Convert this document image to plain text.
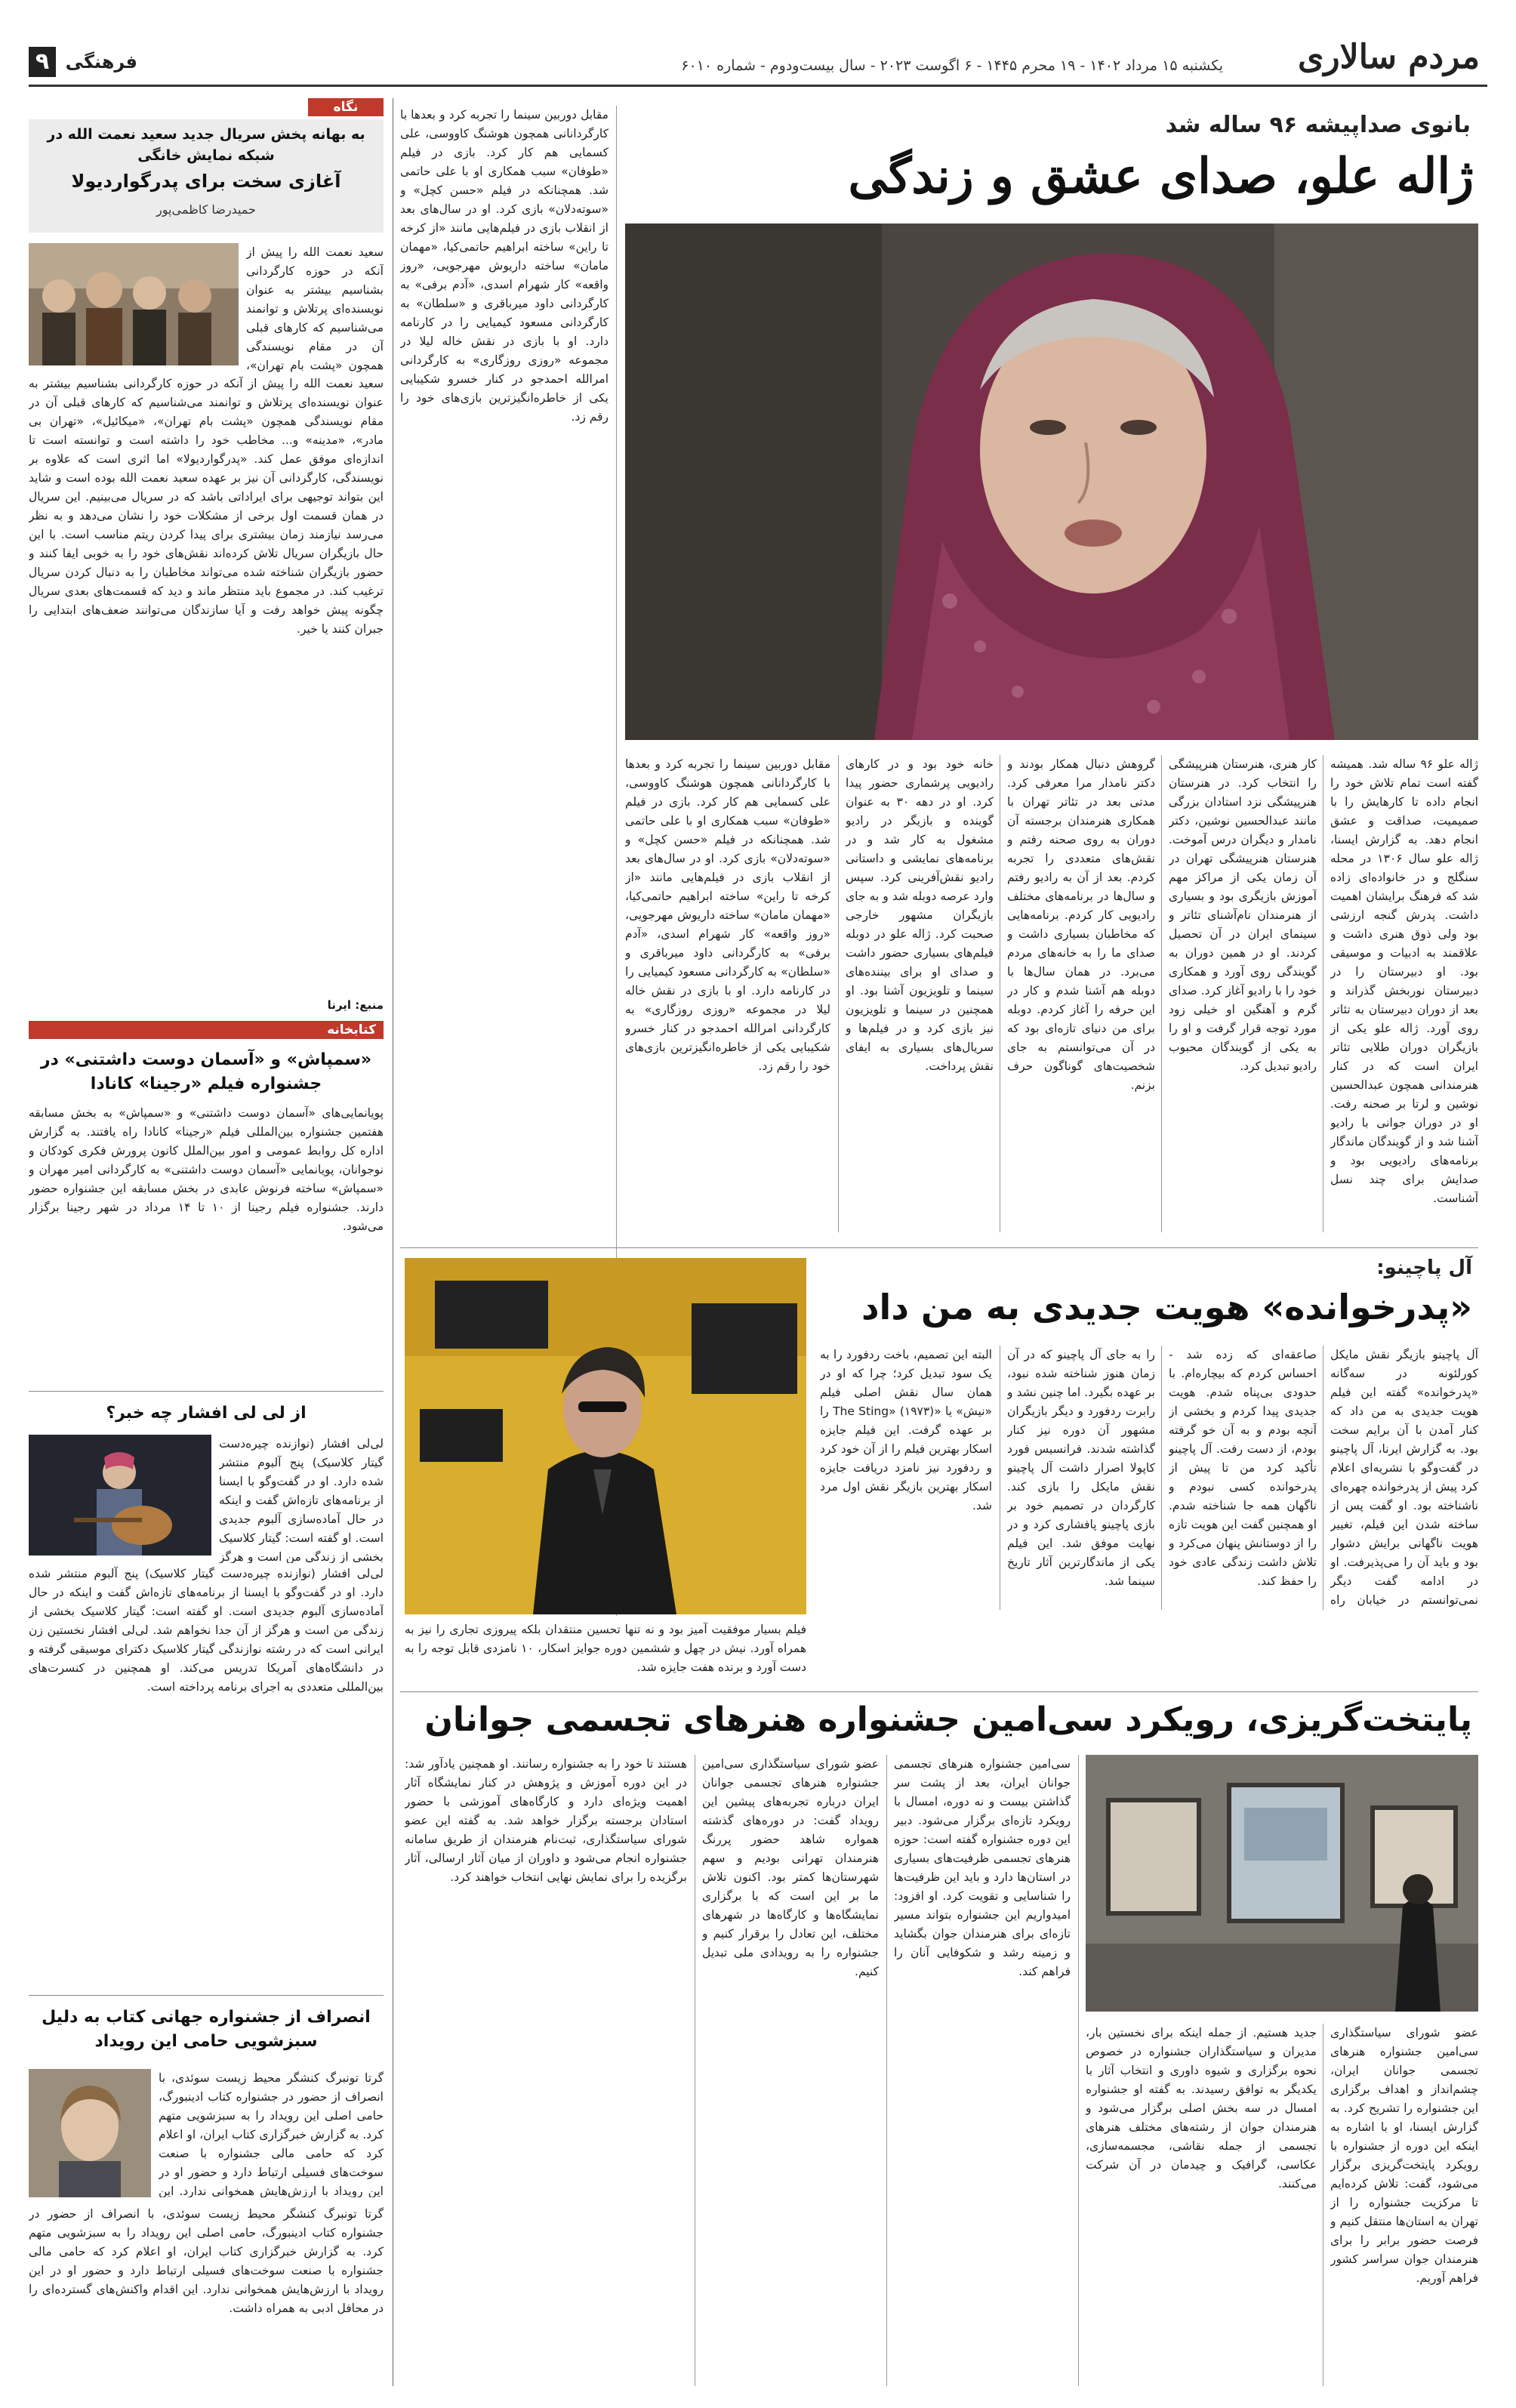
۹ فرهنگی	یکشنبه ۱۵ مرداد ۱۴۰۲ - ۱۹ محرم ۱۴۴۵ - ۶ اگوست ۲۰۲۳ - سال بیست‌ودوم - شماره ۶۰۱۰	مردم سالاری
بانوی صداپیشه ۹۶ ساله شد
ژاله علو، صدای عشق و زندگی
ژاله علو ۹۶ ساله شد. همیشه گفته است تمام تلاش خود را انجام داده تا کارهایش را با صمیمیت، صداقت و عشق انجام دهد. به گزارش ایسنا، ژاله علو سال ۱۳۰۶ در محله سنگلج و در خانواده‌ای زاده شد که فرهنگ برایشان اهمیت داشت. پدرش گنجه ارزشی بود ولی ذوق هنری داشت و علاقمند به ادبیات و موسیقی بود. او دبیرستان را در دبیرستان نوربخش گذراند و بعد از دوران دبیرستان به تئاتر روی آورد. ژاله علو یکی از بازیگران دوران طلایی تئاتر ایران است که در کنار هنرمندانی همچون عبدالحسین نوشین و لرتا بر صحنه رفت. او در دوران جوانی با رادیو آشنا شد و از گویندگان ماندگار برنامه‌های رادیویی بود و صدایش برای چند نسل آشناست.
کار هنری، هنرستان هنرپیشگی را انتخاب کرد. در هنرستان هنرپیشگی نزد استادان بزرگی مانند عبدالحسین نوشین، دکتر نامدار و دیگران درس آموخت. هنرستان هنرپیشگی تهران در آن زمان یکی از مراکز مهم آموزش بازیگری بود و بسیاری از هنرمندان نام‌آشنای تئاتر و سینمای ایران در آن تحصیل کردند. او در همین دوران به گویندگی روی آورد و همکاری خود را با رادیو آغاز کرد. صدای گرم و آهنگین او خیلی زود مورد توجه قرار گرفت و او را به یکی از گویندگان محبوب رادیو تبدیل کرد.
گروهش دنبال همکار بودند و دکتر نامدار مرا معرفی کرد. مدتی بعد در تئاتر تهران با همکاری هنرمندان برجسته آن دوران به روی صحنه رفتم و نقش‌های متعددی را تجربه کردم. بعد از آن به رادیو رفتم و سال‌ها در برنامه‌های مختلف رادیویی کار کردم. برنامه‌هایی که مخاطبان بسیاری داشت و صدای ما را به خانه‌های مردم می‌برد. در همان سال‌ها با دوبله هم آشنا شدم و کار در این حرفه را آغاز کردم. دوبله برای من دنیای تازه‌ای بود که در آن می‌توانستم به جای شخصیت‌های گوناگون حرف بزنم.
خانه خود بود و در کارهای رادیویی پرشماری حضور پیدا کرد. او در دهه ۳۰ به عنوان گوینده و بازیگر در رادیو مشغول به کار شد و در برنامه‌های نمایشی و داستانی رادیو نقش‌آفرینی کرد. سپس وارد عرصه دوبله شد و به جای بازیگران مشهور خارجی صحبت کرد. ژاله علو در دوبله فیلم‌های بسیاری حضور داشت و صدای او برای بیننده‌های سینما و تلویزیون آشنا بود. او همچنین در سینما و تلویزیون نیز بازی کرد و در فیلم‌ها و سریال‌های بسیاری به ایفای نقش پرداخت.
مقابل دوربین سینما را تجربه کرد و بعدها با کارگردانانی همچون هوشنگ کاووسی، علی کسمایی هم کار کرد. بازی در فیلم «طوفان» سبب همکاری او با علی حاتمی شد. همچنانکه در فیلم «حسن کچل» و «سوته‌دلان» بازی کرد. او در سال‌های بعد از انقلاب بازی در فیلم‌هایی مانند «از کرخه تا راین» ساخته ابراهیم حاتمی‌کیا، «مهمان مامان» ساخته داریوش مهرجویی، «روز واقعه» کار شهرام اسدی، «آدم برفی» به کارگردانی داود میرباقری و «سلطان» به کارگردانی مسعود کیمیایی را در کارنامه دارد. او با بازی در نقش خاله لیلا در مجموعه «روزی روزگاری» به کارگردانی امرالله احمدجو در کنار خسرو شکیبایی یکی از خاطره‌انگیزترین بازی‌های خود را رقم زد.
مقابل دوربین سینما را تجربه کرد و بعدها با کارگردانانی همچون هوشنگ کاووسی، علی کسمایی هم کار کرد. بازی در فیلم «طوفان» سبب همکاری او با علی حاتمی شد. همچنانکه در فیلم «حسن کچل» و «سوته‌دلان» بازی کرد. او در سال‌های بعد از انقلاب بازی در فیلم‌هایی مانند «از کرخه تا راین» ساخته ابراهیم حاتمی‌کیا، «مهمان مامان» ساخته داریوش مهرجویی، «روز واقعه» کار شهرام اسدی، «آدم برفی» به کارگردانی داود میرباقری و «سلطان» به کارگردانی مسعود کیمیایی را در کارنامه دارد. او با بازی در نقش خاله لیلا در مجموعه «روزی روزگاری» به کارگردانی امرالله احمدجو در کنار خسرو شکیبایی یکی از خاطره‌انگیزترین بازی‌های خود را رقم زد.
آل پاچینو:
«پدرخوانده» هویت جدیدی به من داد
آل پاچینو بازیگر نقش مایکل کورلئونه در سه‌گانه «پدرخوانده» گفته این فیلم هویت جدیدی به من داد که کنار آمدن با آن برایم سخت بود. به گزارش ایرنا، آل پاچینو در گفت‌وگو با نشریه‌ای اعلام کرد پیش از پدرخوانده چهره‌ای ناشناخته بود. او گفت پس از ساخته شدن این فیلم، تغییر هویت ناگهانی برایش دشوار بود و باید آن را می‌پذیرفت. او در ادامه گفت دیگر نمی‌توانستم در خیابان راه
صاعقه‌ای که زده شد - احساس کردم که بیچاره‌ام. با حدودی بی‌پناه شدم. هویت جدیدی پیدا کردم و بخشی از آنچه بودم و به آن خو گرفته بودم، از دست رفت. آل پاچینو تأکید کرد من تا پیش از پدرخوانده کسی نبودم و ناگهان همه جا شناخته شدم. او همچنین گفت این هویت تازه را از دوستانش پنهان می‌کرد و تلاش داشت زندگی عادی خود را حفظ کند.
را به جای آل پاچینو که در آن زمان هنوز شناخته شده نبود، بر عهده بگیرد. اما چنین نشد و رابرت ردفورد و دیگر بازیگران مشهور آن دوره نیز کنار گذاشته شدند. فرانسیس فورد کاپولا اصرار داشت آل پاچینو نقش مایکل را بازی کند. کارگردان در تصمیم خود بر بازی پاچینو پافشاری کرد و در نهایت موفق شد. این فیلم یکی از ماندگارترین آثار تاریخ سینما شد.
البته این تصمیم، باخت ردفورد را به یک سود تبدیل کرد؛ چرا که او در همان سال نقش اصلی فیلم «نیش» یا «The Sting» (۱۹۷۳) را بر عهده گرفت. این فیلم جایزه اسکار بهترین فیلم را از آن خود کرد و ردفورد نیز نامزد دریافت جایزه اسکار بهترین بازیگر نقش اول مرد شد.
فیلم بسیار موفقیت آمیز بود و نه تنها تحسین منتقدان بلکه پیروزی تجاری را نیز به همراه آورد. نیش در چهل و ششمین دوره جوایز اسکار، ۱۰ نامزدی قابل توجه را به دست آورد و برنده هفت جایزه شد.
پایتخت‌گریزی، رویکرد سی‌امین جشنواره هنرهای تجسمی جوانان
عضو شورای سیاستگذاری سی‌امین جشنواره هنرهای تجسمی جوانان ایران، چشم‌انداز و اهداف برگزاری این جشنواره را تشریح کرد. به گزارش ایسنا، او با اشاره به اینکه این دوره از جشنواره با رویکرد پایتخت‌گریزی برگزار می‌شود، گفت: تلاش کرده‌ایم تا مرکزیت جشنواره را از تهران به استان‌ها منتقل کنیم و فرصت حضور برابر را برای هنرمندان جوان سراسر کشور فراهم آوریم.
جدید هستیم. از جمله اینکه برای نخستین بار، مدیران و سیاستگذاران جشنواره در خصوص نحوه برگزاری و شیوه داوری و انتخاب آثار با یکدیگر به توافق رسیدند. به گفته او جشنواره امسال در سه بخش اصلی برگزار می‌شود و هنرمندان جوان از رشته‌های مختلف هنرهای تجسمی از جمله نقاشی، مجسمه‌سازی، عکاسی، گرافیک و چیدمان در آن شرکت می‌کنند.
سی‌امین جشنواره هنرهای تجسمی جوانان ایران، بعد از پشت سر گذاشتن بیست و نه دوره، امسال با رویکرد تازه‌ای برگزار می‌شود. دبیر این دوره جشنواره گفته است: حوزه هنرهای تجسمی ظرفیت‌های بسیاری در استان‌ها دارد و باید این ظرفیت‌ها را شناسایی و تقویت کرد. او افزود: امیدواریم این جشنواره بتواند مسیر تازه‌ای برای هنرمندان جوان بگشاید و زمینه رشد و شکوفایی آنان را فراهم کند.
عضو شورای سیاستگذاری سی‌امین جشنواره هنرهای تجسمی جوانان ایران درباره تجربه‌های پیشین این رویداد گفت: در دوره‌های گذشته همواره شاهد حضور پررنگ هنرمندان تهرانی بودیم و سهم شهرستان‌ها کمتر بود. اکنون تلاش ما بر این است که با برگزاری نمایشگاه‌ها و کارگاه‌ها در شهرهای مختلف، این تعادل را برقرار کنیم و جشنواره را به رویدادی ملی تبدیل کنیم.
هستند تا خود را به جشنواره رسانند. او همچنین یادآور شد: در این دوره آموزش و پژوهش در کنار نمایشگاه آثار اهمیت ویژه‌ای دارد و کارگاه‌های آموزشی با حضور استادان برجسته برگزار خواهد شد. به گفته این عضو شورای سیاستگذاری، ثبت‌نام هنرمندان از طریق سامانه جشنواره انجام می‌شود و داوران از میان آثار ارسالی، آثار برگزیده را برای نمایش نهایی انتخاب خواهند کرد.
نگاه
به بهانه پخش سریال جدید سعید نعمت الله در شبکه نمایش خانگی
آغازی سخت برای پدرگواردیولا
حمیدرضا کاظمی‌پور
سعید نعمت الله را پیش از آنکه در حوزه کارگردانی بشناسیم بیشتر به عنوان نویسنده‌ای پرتلاش و توانمند می‌شناسیم که کارهای قبلی آن در مقام نویسندگی همچون «پشت بام تهران»،
سعید نعمت الله را پیش از آنکه در حوزه کارگردانی بشناسیم بیشتر به عنوان نویسنده‌ای پرتلاش و توانمند می‌شناسیم که کارهای قبلی آن در مقام نویسندگی همچون «پشت بام تهران»، «میکائیل»، «تهران بی مادر»، «مدینه» و... مخاطب خود را داشته است و توانسته است تا اندازه‌ای موفق عمل کند. «پدرگواردیولا» اما اثری است که علاوه بر نویسندگی، کارگردانی آن نیز بر عهده سعید نعمت الله بوده است و شاید این بتواند توجیهی برای ایراداتی باشد که در سریال می‌بینیم. این سریال در همان قسمت اول برخی از مشکلات خود را نشان می‌دهد و به نظر می‌رسد نیازمند زمان بیشتری برای پیدا کردن ریتم مناسب است. با این حال بازیگران سریال تلاش کرده‌اند نقش‌های خود را به خوبی ایفا کنند و حضور بازیگران شناخته شده می‌تواند مخاطبان را به دنبال کردن سریال ترغیب کند. در مجموع باید منتظر ماند و دید که قسمت‌های بعدی سریال چگونه پیش خواهد رفت و آیا سازندگان می‌توانند ضعف‌های ابتدایی را جبران کنند یا خیر.
منبع: ایرنا
کتابخانه
«سمپاش» و «آسمان دوست داشتنی» در جشنواره فیلم «رجینا» کانادا
پویانمایی‌های «آسمان دوست داشتنی» و «سمپاش» به بخش مسابقه هفتمین جشنواره بین‌المللی فیلم «رجینا» کانادا راه یافتند. به گزارش اداره کل روابط عمومی و امور بین‌الملل کانون پرورش فکری کودکان و نوجوانان، پویانمایی «آسمان دوست داشتنی» به کارگردانی امیر مهران و «سمپاش» ساخته فرنوش عابدی در بخش مسابقه این جشنواره حضور دارند. جشنواره فیلم رجینا از ۱۰ تا ۱۴ مرداد در شهر رجینا برگزار می‌شود.
از لی لی افشار چه خبر؟
لی‌لی افشار (نوازنده چیره‌دست گیتار کلاسیک) پنج آلبوم منتشر شده دارد. او در گفت‌وگو با ایسنا از برنامه‌های تازه‌اش گفت و اینکه در حال آماده‌سازی آلبوم جدیدی است. او گفته است: گیتار کلاسیک بخشی از زندگی من است و هرگز
لی‌لی افشار (نوازنده چیره‌دست گیتار کلاسیک) پنج آلبوم منتشر شده دارد. او در گفت‌وگو با ایسنا از برنامه‌های تازه‌اش گفت و اینکه در حال آماده‌سازی آلبوم جدیدی است. او گفته است: گیتار کلاسیک بخشی از زندگی من است و هرگز از آن جدا نخواهم شد. لی‌لی افشار نخستین زن ایرانی است که در رشته نوازندگی گیتار کلاسیک دکترای موسیقی گرفته و در دانشگاه‌های آمریکا تدریس می‌کند. او همچنین در کنسرت‌های بین‌المللی متعددی به اجرای برنامه پرداخته است.
انصراف از جشنواره جهانی کتاب به دلیل سبزشویی حامی این رویداد
گرتا تونبرگ کنشگر محیط زیست سوئدی، با انصراف از حضور در جشنواره کتاب ادینبورگ، حامی اصلی این رویداد را به سبزشویی متهم کرد. به گزارش خبرگزاری کتاب ایران، او اعلام کرد که حامی مالی جشنواره با صنعت سوخت‌های فسیلی ارتباط دارد و حضور او در این رویداد با ارزش‌هایش همخوانی ندارد. این
گرتا تونبرگ کنشگر محیط زیست سوئدی، با انصراف از حضور در جشنواره کتاب ادینبورگ، حامی اصلی این رویداد را به سبزشویی متهم کرد. به گزارش خبرگزاری کتاب ایران، او اعلام کرد که حامی مالی جشنواره با صنعت سوخت‌های فسیلی ارتباط دارد و حضور او در این رویداد با ارزش‌هایش همخوانی ندارد. این اقدام واکنش‌های گسترده‌ای را در محافل ادبی به همراه داشت.
